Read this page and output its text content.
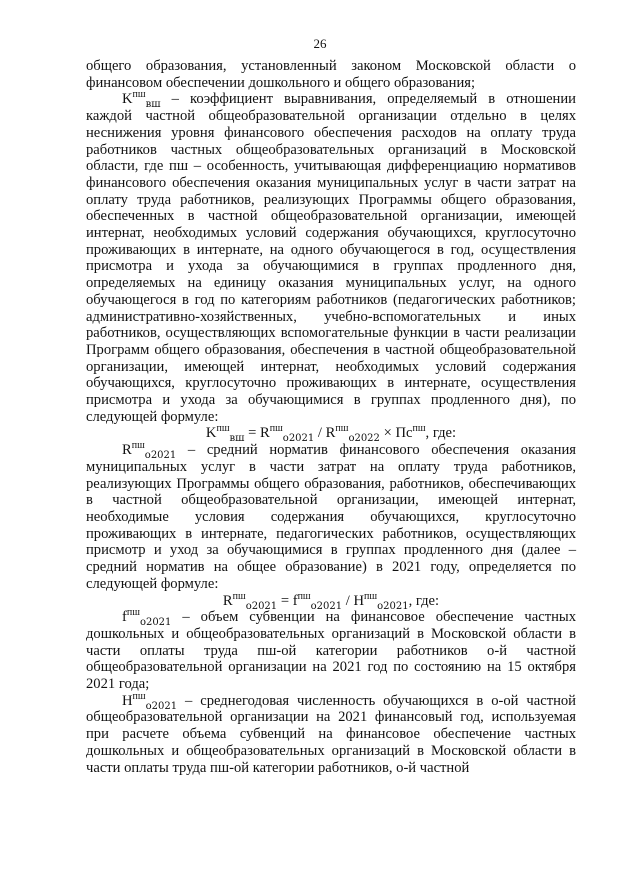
26

общего образования, установленный законом Московской области о финансовом обеспечении дошкольного и общего образования;

$K^{пш}_{вш}$ – коэффициент выравнивания, определяемый в отношении каждой частной общеобразовательной организации отдельно в целях неснижения уровня финансового обеспечения расходов на оплату труда работников частных общеобразовательных организаций в Московской области, где пш – особенность, учитывающая дифференциацию нормативов финансового обеспечения оказания муниципальных услуг в части затрат на оплату труда работников, реализующих Программы общего образования, обеспеченных в частной общеобразовательной организации, имеющей интернат, необходимых условий содержания обучающихся, круглосуточно проживающих в интернате, на одного обучающегося в год, осуществления присмотра и ухода за обучающимися в группах продленного дня, определяемых на единицу оказания муниципальных услуг, на одного обучающегося в год по категориям работников (педагогических работников; административно-хозяйственных, учебно-вспомогательных и иных работников, осуществляющих вспомогательные функции в части реализации Программ общего образования, обеспечения в частной общеобразовательной организации, имеющей интернат, необходимых условий содержания обучающихся, круглосуточно проживающих в интернате, осуществления присмотра и ухода за обучающимися в группах продленного дня), по следующей формуле:

$K^{пш}_{вш} = R^{пш}_{o2021} / R^{пш}_{o2022} \times Пс^{пш}$, где:

$R^{пш}_{o2021}$ – средний норматив финансового обеспечения оказания муниципальных услуг в части затрат на оплату труда работников, реализующих Программы общего образования, работников, обеспечивающих в частной общеобразовательной организации, имеющей интернат, необходимые условия содержания обучающихся, круглосуточно проживающих в интернате, педагогических работников, осуществляющих присмотр и уход за обучающимися в группах продленного дня (далее – средний норматив на общее образование) в 2021 году, определяется по следующей формуле:

$R^{пш}_{o2021} = f^{пш}_{o2021} / H^{пш}_{o2021}$, где:

$f^{пш}_{o2021}$ – объем субвенции на финансовое обеспечение частных дошкольных и общеобразовательных организаций в Московской области в части оплаты труда пш-ой категории работников о-й частной общеобразовательной организации на 2021 год по состоянию на 15 октября 2021 года;

$H^{пш}_{o2021}$ – среднегодовая численность обучающихся в о-ой частной общеобразовательной организации на 2021 финансовый год, используемая при расчете объема субвенций на финансовое обеспечение частных дошкольных и общеобразовательных организаций в Московской области в части оплаты труда пш-ой категории работников, о-й частной
